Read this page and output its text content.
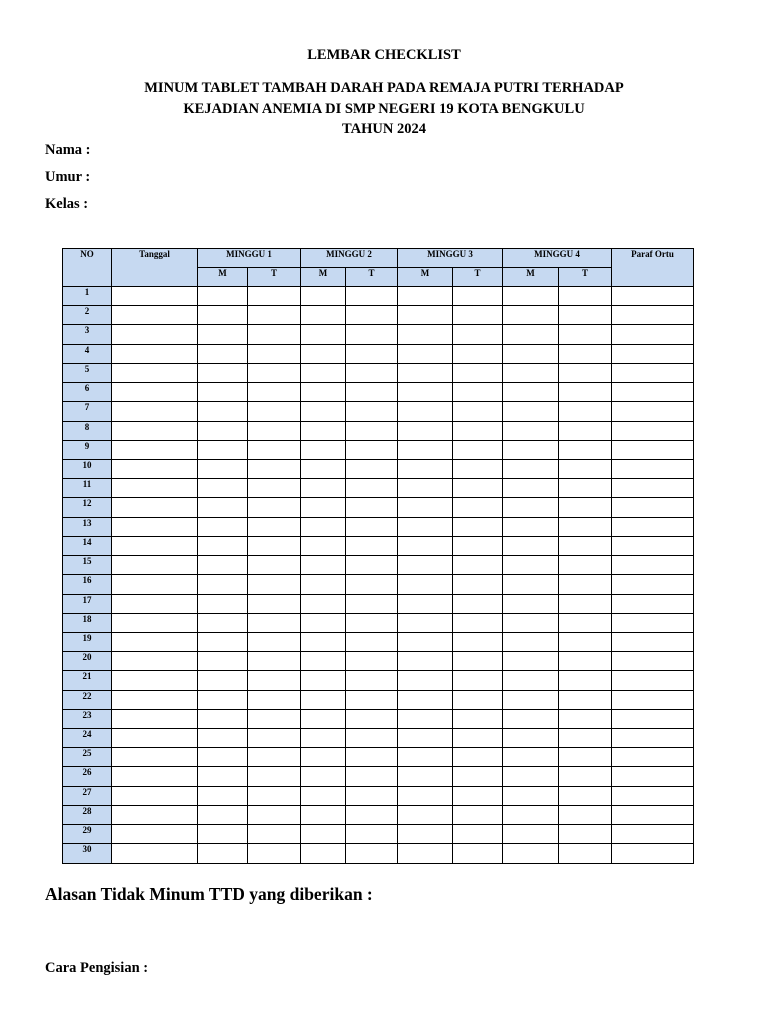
LEMBAR CHECKLIST
MINUM TABLET TAMBAH DARAH PADA REMAJA PUTRI TERHADAP
KEJADIAN ANEMIA DI SMP NEGERI 19 KOTA BENGKULU
TAHUN 2024
Nama :
Umur :
Kelas :
NO	Tanggal	MINGGU 1		MINGGU 2		MINGGU 3		MINGGU 4		Paraf Ortu
		M	T	M	T	M	T	M	T	
1										
2										
3										
4										
5										
6										
7										
8										
9										
10										
11										
12										
13										
14										
15										
16										
17										
18										
19										
20										
21										
22										
23										
24										
25										
26										
27										
28										
29										
30										
Alasan Tidak Minum TTD yang diberikan :
Cara Pengisian :
